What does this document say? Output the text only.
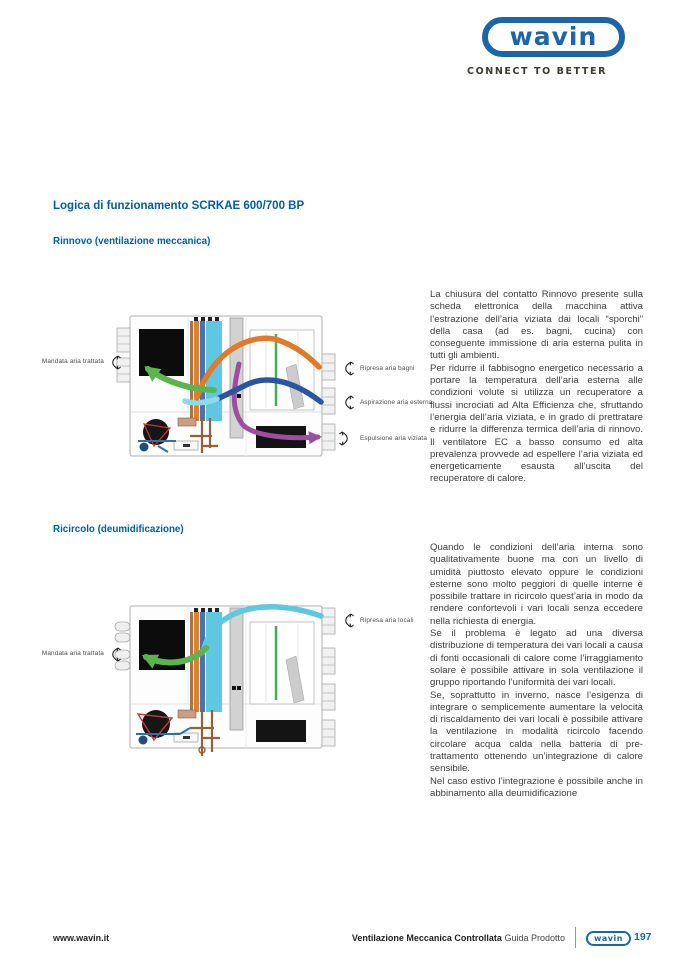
wavin
CONNECT TO BETTER
Logica di funzionamento SCRKAE 600/700 BP
Rinnovo (ventilazione meccanica)
Mandata aria trattata
Ripresa aria bagni
Aspirazione aria esterna
Espulsione aria viziata

La chiusura del contatto Rinnovo presente sulla scheda elettronica della macchina attiva l’estrazione dell’aria viziata dai locali “sporchi” della casa (ad es. bagni, cucina) con conseguente immissione di aria esterna pulita in tutti gli ambienti.

Per ridurre il fabbisogno energetico necessario a portare la temperatura dell’aria esterna alle condizioni volute si utilizza un recuperatore a flussi incrociati ad Alta Efficienza che, sfruttando l’energia dell’aria viziata, e in grado di prettratare e ridurre la differenza termica dell’aria di rinnovo. Il ventilatore EC a basso consumo ed alta prevalenza provvede ad espellere l’aria viziata ed energeticamente esausta all’uscita del recuperatore di calore.

Ricircolo (deumidificazione)
Ripresa aria locali
Mandata aria trattata

Quando le condizioni dell’aria interna sono qualitativamente buone ma con un livello di umidità piuttosto elevato oppure le condizioni esterne sono molto peggiori di quelle interne è possibile trattare in ricircolo quest’aria in modo da rendere confortevoli i vari locali senza eccedere nella richiesta di energia.

Se il problema è legato ad una diversa distribuzione di temperatura dei vari locali a causa di fonti occasionali di calore come l’irraggiamento solare è possibile attivare in sola ventilazione il gruppo riportando l’uniformità dei vari locali.

Se, soprattutto in inverno, nasce l’esigenza di integrare o semplicemente aumentare la velocità di riscaldamento dei vari locali è possibile attivare la ventilazione in modalità ricircolo facendo circolare acqua calda nella batteria di pre-trattamento ottenendo un’integrazione di calore sensibile.

Nel caso estivo l’integrazione è possibile anche in abbinamento alla deumidificazione

www.wavin.it	Ventilazione Meccanica Controllata Guida Prodotto	wavin	197
